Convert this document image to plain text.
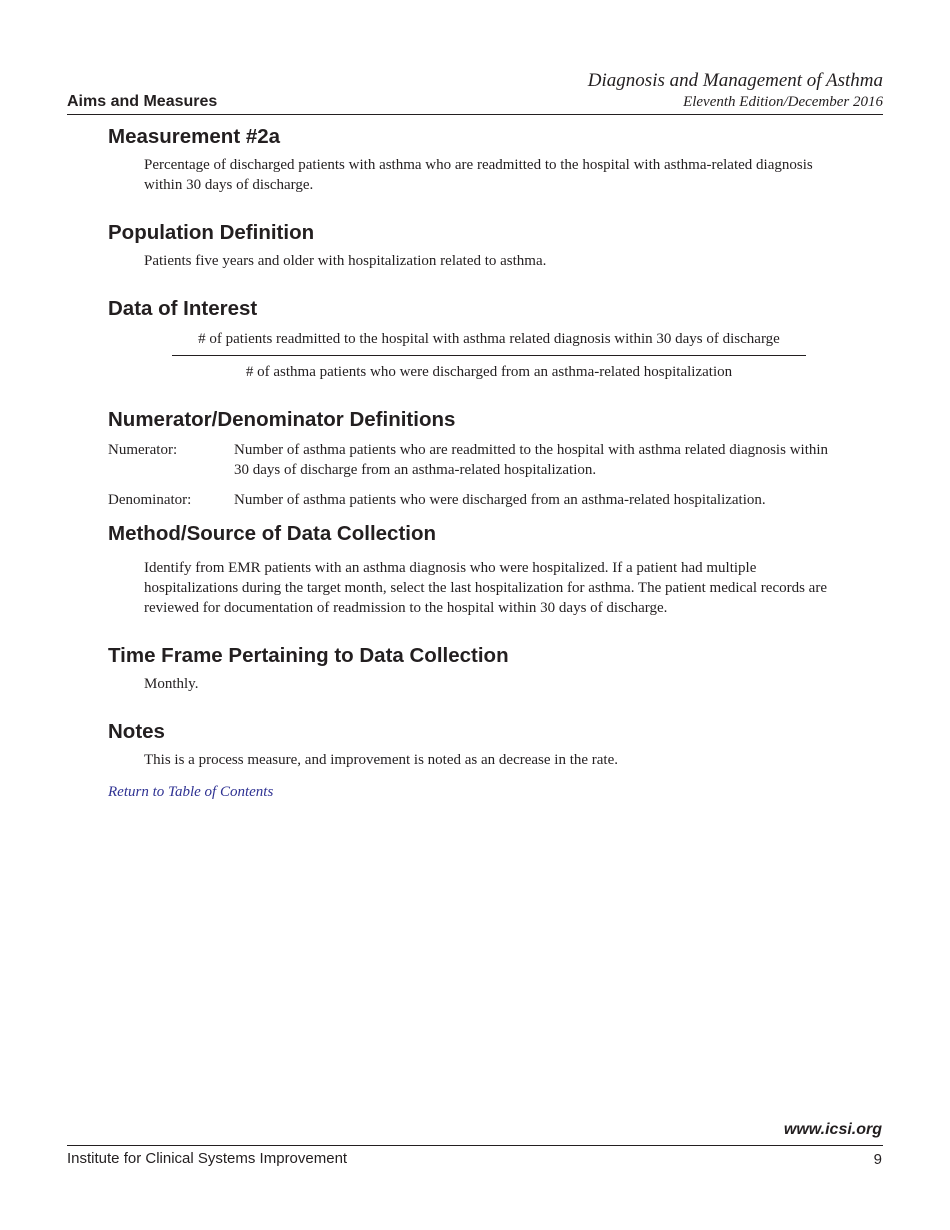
Aims and Measures
Diagnosis and Management of Asthma
Eleventh Edition/December 2016
Measurement #2a

Percentage of discharged patients with asthma who are readmitted to the hospital with asthma-related diagnosis within 30 days of discharge.

Population Definition

Patients five years and older with hospitalization related to asthma.

Data of Interest
# of patients readmitted to the hospital with asthma related diagnosis within 30 days of discharge
# of asthma patients who were discharged from an asthma-related hospitalization
Numerator/Denominator Definitions
Numerator:	Number of asthma patients who are readmitted to the hospital with asthma related diagnosis within 30 days of discharge from an asthma-related hospitalization.
Denominator:	Number of asthma patients who were discharged from an asthma-related hospitalization.
Method/Source of Data Collection

Identify from EMR patients with an asthma diagnosis who were hospitalized. If a patient had multiple hospitalizations during the target month, select the last hospitalization for asthma. The patient medical records are reviewed for documentation of readmission to the hospital within 30 days of discharge.

Time Frame Pertaining to Data Collection

Monthly.

Notes

This is a process measure, and improvement is noted as an decrease in the rate.

Return to Table of Contents
www.icsi.org
Institute for Clinical Systems Improvement	9
